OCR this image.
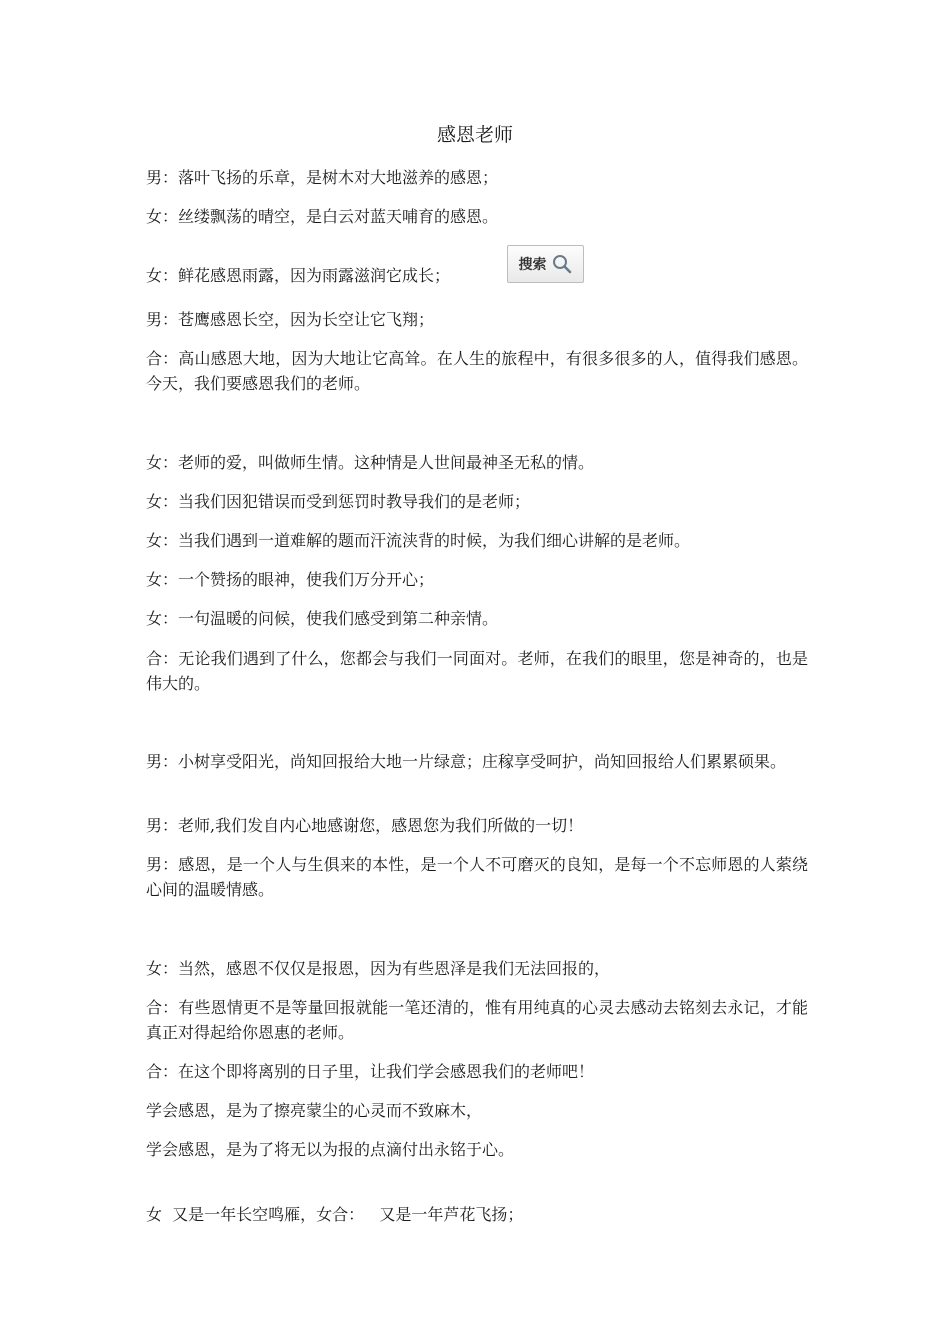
感恩老师
男：落叶飞扬的乐章，是树木对大地滋养的感恩；
女：丝缕飘荡的晴空，是白云对蓝天哺育的感恩。
女：鲜花感恩雨露，因为雨露滋润它成长；
搜索
男：苍鹰感恩长空，因为长空让它飞翔；
合：高山感恩大地，因为大地让它高耸。在人生的旅程中，有很多很多的人，值得我们感恩。今天，我们要感恩我们的老师。
女：老师的爱，叫做师生情。这种情是人世间最神圣无私的情。
女：当我们因犯错误而受到惩罚时教导我们的是老师；
女：当我们遇到一道难解的题而汗流浃背的时候，为我们细心讲解的是老师。
女：一个赞扬的眼神，使我们万分开心；
女：一句温暖的问候，使我们感受到第二种亲情。
合：无论我们遇到了什么，您都会与我们一同面对。老师，在我们的眼里，您是神奇的，也是伟大的。
男：小树享受阳光，尚知回报给大地一片绿意；庄稼享受呵护，尚知回报给人们累累硕果。
男：老师,我们发自内心地感谢您，感恩您为我们所做的一切！
男：感恩，是一个人与生俱来的本性，是一个人不可磨灭的良知，是每一个不忘师恩的人萦绕心间的温暖情感。
女：当然，感恩不仅仅是报恩，因为有些恩泽是我们无法回报的，
合：有些恩情更不是等量回报就能一笔还清的，惟有用纯真的心灵去感动去铭刻去永记，才能真正对得起给你恩惠的老师。
合：在这个即将离别的日子里，让我们学会感恩我们的老师吧！
学会感恩，是为了擦亮蒙尘的心灵而不致麻木，
学会感恩，是为了将无以为报的点滴付出永铭于心。
女  又是一年长空鸣雁，女合：   又是一年芦花飞扬；
